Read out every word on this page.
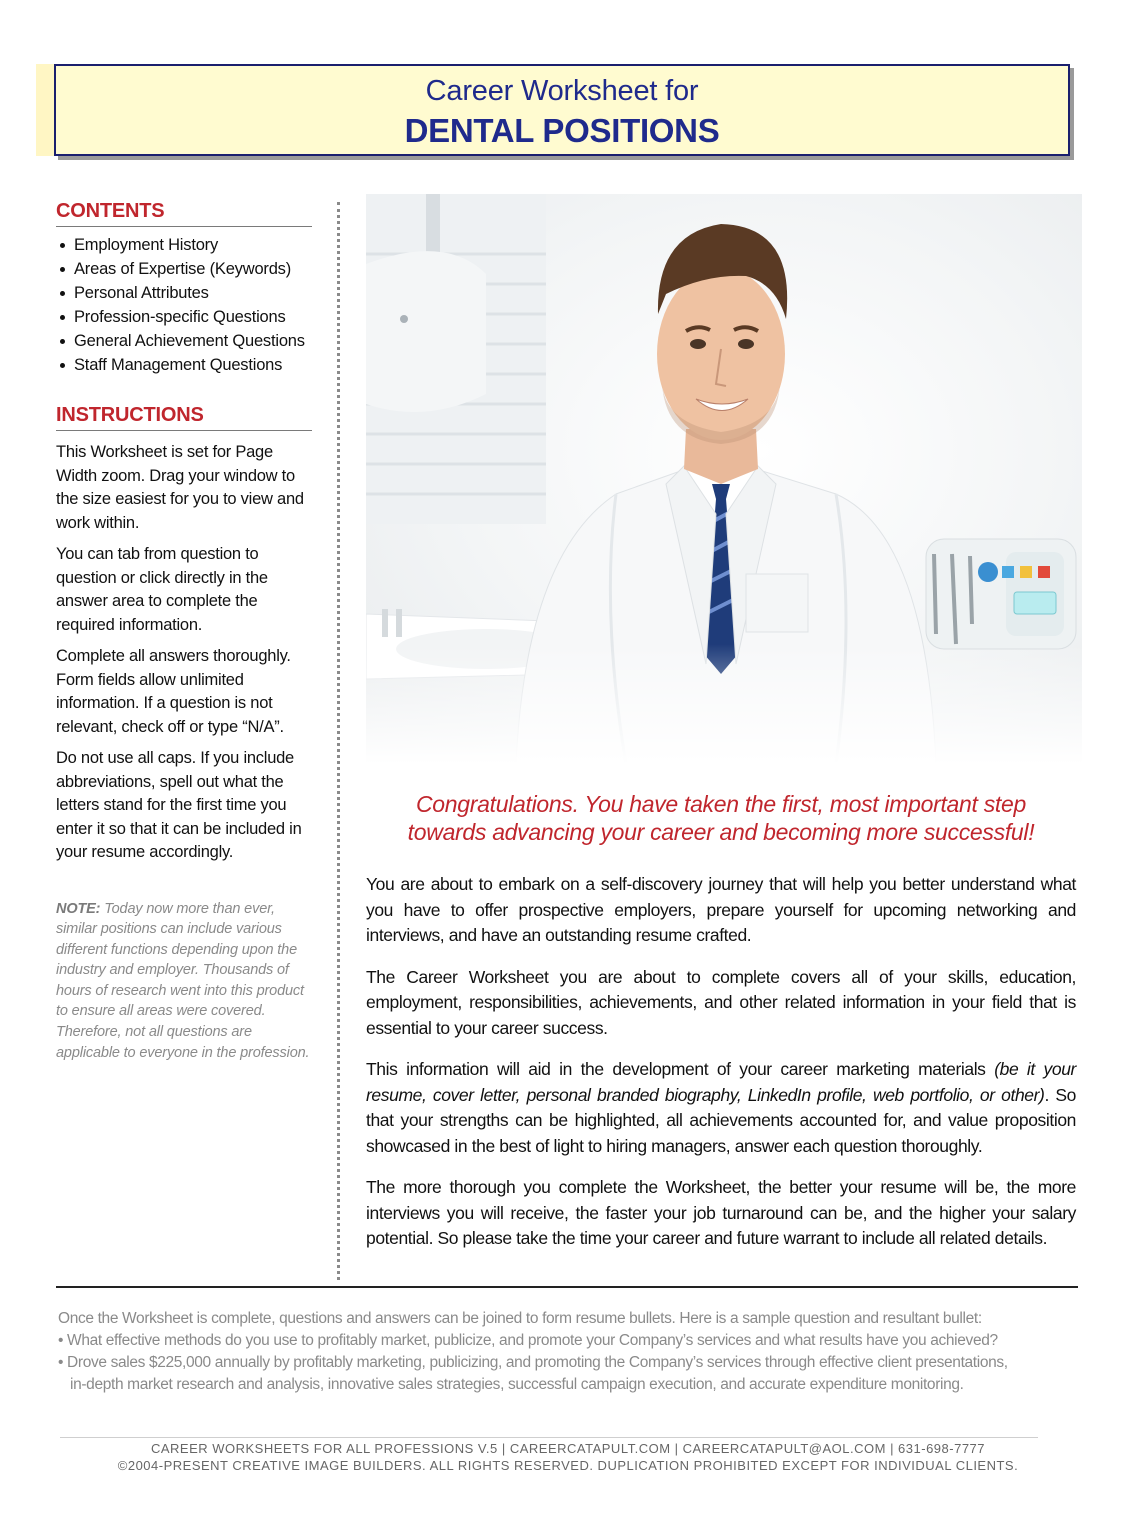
Career Worksheet for
DENTAL POSITIONS
CONTENTS
Employment History
Areas of Expertise (Keywords)
Personal Attributes
Profession-specific Questions
General Achievement Questions
Staff Management Questions
INSTRUCTIONS

This Worksheet is set for Page Width zoom. Drag your window to the size easiest for you to view and work within.

You can tab from question to question or click directly in the answer area to complete the required information.

Complete all answers thoroughly. Form fields allow unlimited information. If a question is not relevant, check off or type “N/A”.

Do not use all caps. If you include abbreviations, spell out what the letters stand for the first time you enter it so that it can be included in your resume accordingly.

NOTE: Today now more than ever, similar positions can include various different functions depending upon the industry and employer. Thousands of hours of research went into this product to ensure all areas were covered. Therefore, not all questions are applicable to everyone in the profession.
Congratulations. You have taken the first, most important step
towards advancing your career and becoming more successful!

You are about to embark on a self-discovery journey that will help you better understand what you have to offer prospective employers, prepare yourself for upcoming networking and interviews, and have an outstanding resume crafted.

The Career Worksheet you are about to complete covers all of your skills, education, employment, responsibilities, achievements, and other related information in your field that is essential to your career success.

This information will aid in the development of your career marketing materials (be it your resume, cover letter, personal branded biography, LinkedIn profile, web portfolio, or other). So that your strengths can be highlighted, all achievements accounted for, and value proposition showcased in the best of light to hiring managers, answer each question thoroughly.

The more thorough you complete the Worksheet, the better your resume will be, the more interviews you will receive, the faster your job turnaround can be, and the higher your salary potential. So please take the time your career and future warrant to include all related details.

Once the Worksheet is complete, questions and answers can be joined to form resume bullets. Here is a sample question and resultant bullet:
• What effective methods do you use to profitably market, publicize, and promote your Company’s services and what results have you achieved?
• Drove sales $225,000 annually by profitably marketing, publicizing, and promoting the Company’s services through effective client presentations,
in-depth market research and analysis, innovative sales strategies, successful campaign execution, and accurate expenditure monitoring.
CAREER WORKSHEETS FOR ALL PROFESSIONS V.5 | CAREERCATAPULT.COM | CAREERCATAPULT@AOL.COM | 631-698-7777
©2004-PRESENT CREATIVE IMAGE BUILDERS. ALL RIGHTS RESERVED. DUPLICATION PROHIBITED EXCEPT FOR INDIVIDUAL CLIENTS.
